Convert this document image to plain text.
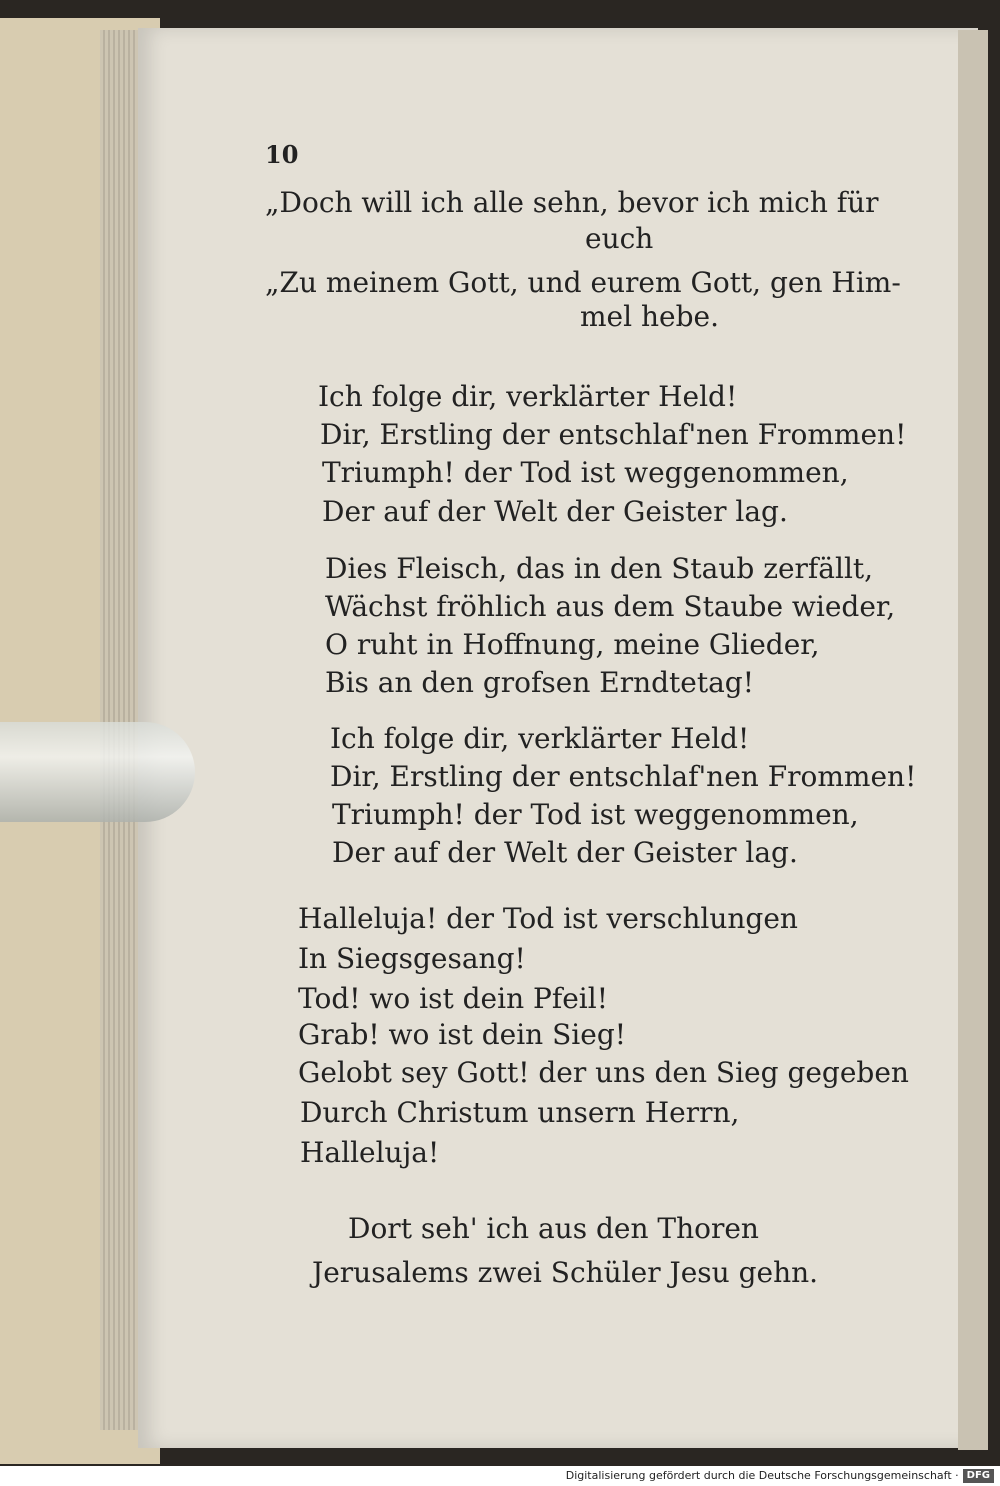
10

„Doch will ich alle sehn, bevor ich mich für

euch

„Zu meinem Gott, und eurem Gott, gen Him-

mel hebe.

Ich folge dir, verklärter Held!

Dir, Erstling der entschlaf'nen Frommen!

Triumph! der Tod ist weggenommen,

Der auf der Welt der Geister lag.

Dies Fleisch, das in den Staub zerfällt,

Wächst fröhlich aus dem Staube wieder,

O ruht in Hoffnung, meine Glieder,

Bis an den grofsen Erndtetag!

Ich folge dir, verklärter Held!

Dir, Erstling der entschlaf'nen Frommen!

Triumph! der Tod ist weggenommen,

Der auf der Welt der Geister lag.

Halleluja! der Tod ist verschlungen

In Siegsgesang!

Tod! wo ist dein Pfeil!

Grab! wo ist dein Sieg!

Gelobt sey Gott! der uns den Sieg gegeben

Durch Christum unsern Herrn,

Halleluja!

Dort seh' ich aus den Thoren

Jerusalems zwei Schüler Jesu gehn.

Digitalisierung gefördert durch die Deutsche Forschungsgemeinschaft · DFG
